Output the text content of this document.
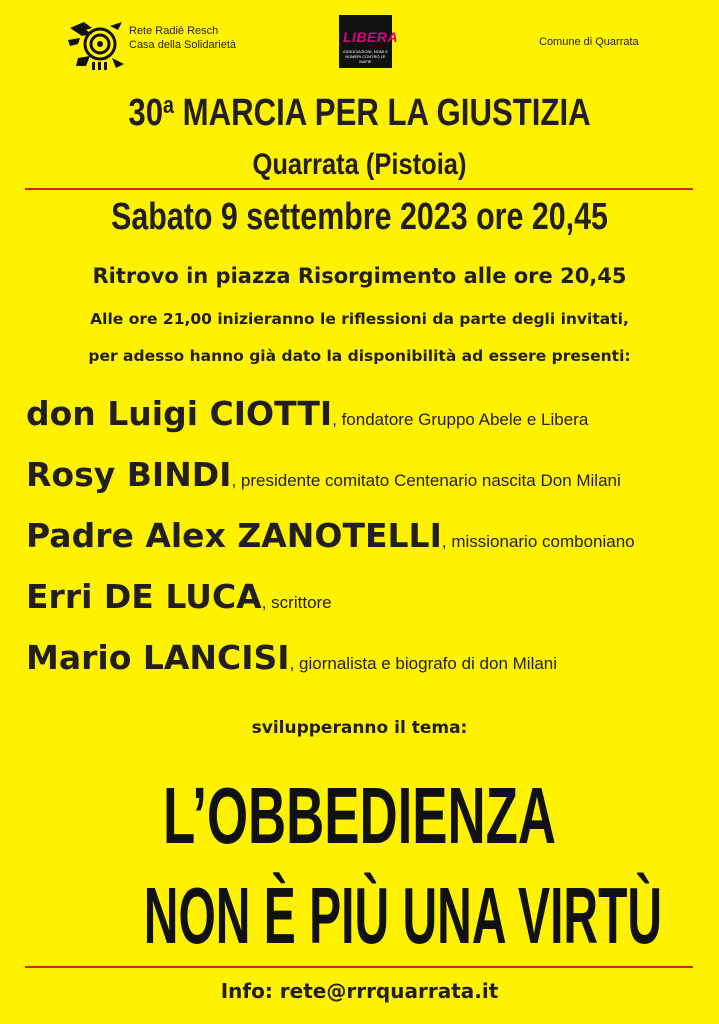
Rete Radié Resch
Casa della Solidarietà	LIBERA
ASSOCIAZIONI, NOMI E NUMERI CONTRO LE MAFIE
Comune di Quarrata
30$^a$ MARCIA PER LA GIUSTIZIA
Quarrata (Pistoia)
Sabato 9 settembre 2023 ore 20,45
Ritrovo in piazza Risorgimento alle ore 20,45
Alle ore 21,00 inizieranno le riflessioni da parte degli invitati,
per adesso hanno già dato la disponibilità ad essere presenti:
don Luigi CIOTTI, fondatore Gruppo Abele e Libera
Rosy BINDI, presidente comitato Centenario nascita Don Milani
Padre Alex ZANOTELLI, missionario comboniano
Erri DE LUCA, scrittore
Mario LANCISI, giornalista e biografo di don Milani
svilupperanno il tema:
L’OBBEDIENZA
NON È PIÙ UNA VIRTÙ
Info: rete@rrrquarrata.it
